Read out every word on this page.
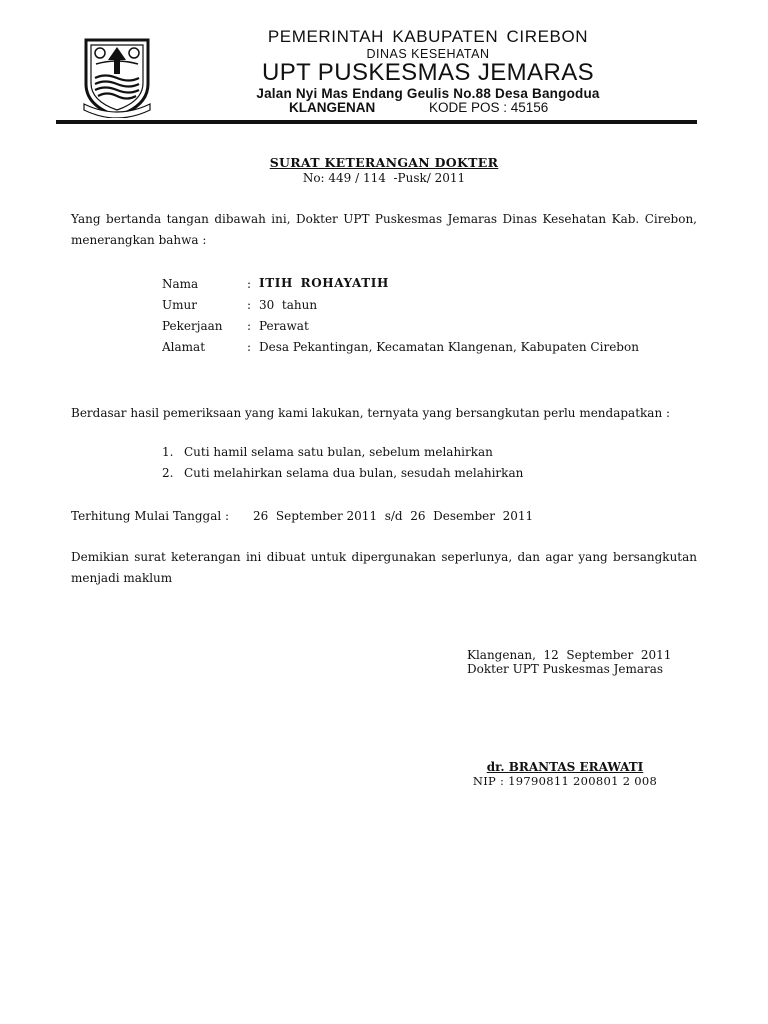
PEMERINTAH KABUPATEN CIREBON
DINAS KESEHATAN
UPT PUSKESMAS JEMARAS
Jalan Nyi Mas Endang Geulis No.88 Desa Bangodua
KLANGENAN	KODE POS : 45156
SURAT KETERANGAN DOKTER
No: 449 / 114  -Pusk/ 2011
Yang bertanda tangan dibawah ini, Dokter UPT Puskesmas Jemaras Dinas Kesehatan Kab. Cirebon, menerangkan bahwa :
Nama	: ITIH ROHAYATIH
Umur	: 30  tahun
Pekerjaan : Perawat
Alamat	: Desa Pekantingan, Kecamatan Klangenan, Kabupaten Cirebon
Berdasar hasil pemeriksaan yang kami lakukan, ternyata yang bersangkutan perlu mendapatkan :
1. Cuti hamil selama satu bulan, sebelum melahirkan
2. Cuti melahirkan selama dua bulan, sesudah melahirkan
Terhitung Mulai Tanggal : 26  September 2011  s/d  26  Desember  2011
Demikian surat keterangan ini dibuat untuk dipergunakan seperlunya, dan agar yang bersangkutan menjadi maklum
Klangenan,  12  September  2011
Dokter UPT Puskesmas Jemaras
dr. BRANTAS ERAWATI
NIP : 19790811 200801 2 008
